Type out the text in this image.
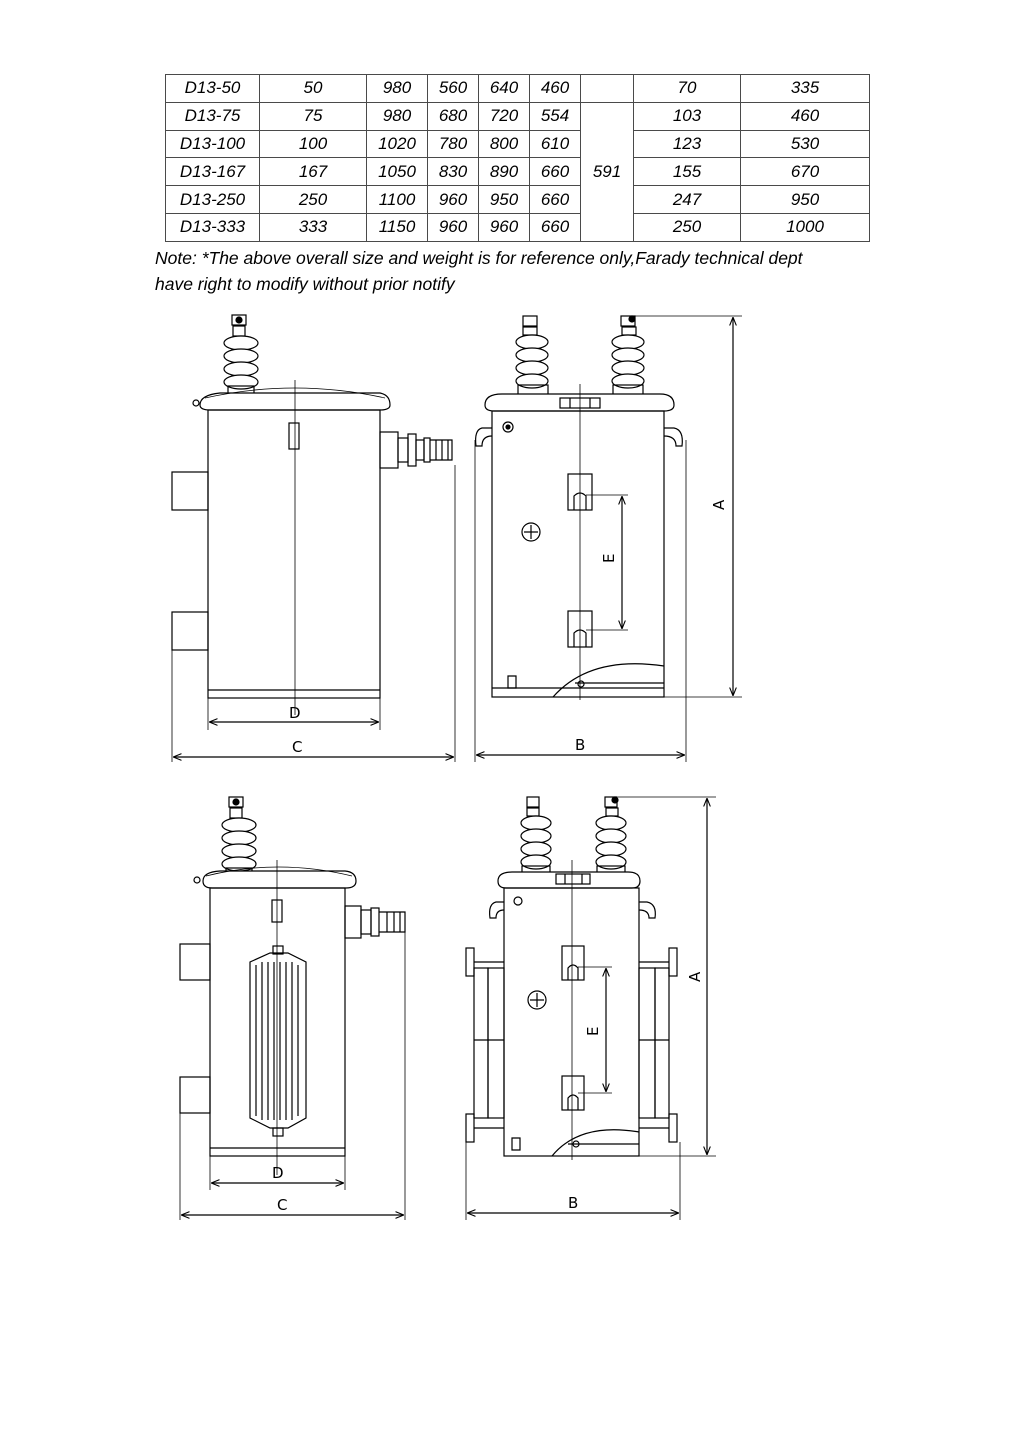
D13-50	50	980	560	640	460		70	335
D13-75	75	980	680	720	554	591	103	460
D13-100	100	1020	780	800	610		123	530
D13-167	167	1050	830	890	660		155	670
D13-250	250	1100	960	950	660		247	950
D13-333	333	1150	960	960	660		250	1000
Note: *The above overall size and weight is for reference only,Farady technical dept
have right to modify without prior notify
D
C
E
B
A
D
C
E
B
A
